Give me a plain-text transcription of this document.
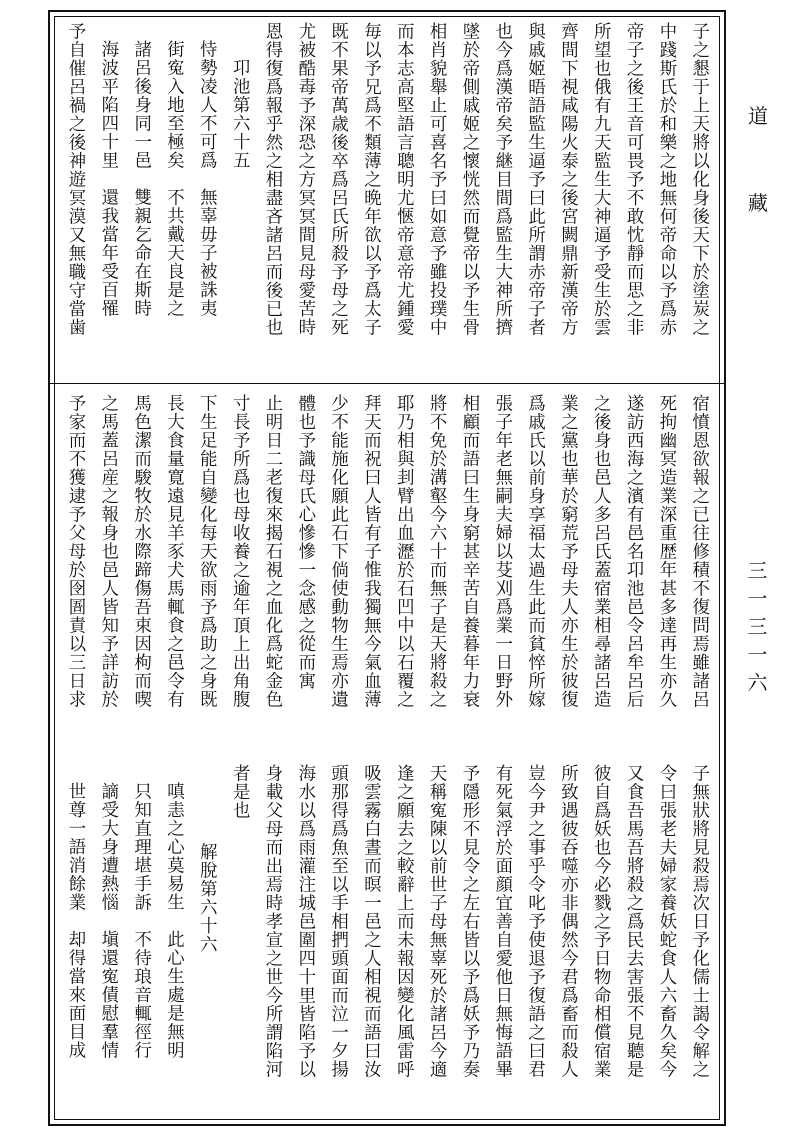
子之懇于上天將以化身後天下於塗炭之
中踐斯氏於和樂之地無何帝命以予爲赤
帝子之後王音可畏予不敢忱靜而思之非
所望也俄有九天監生大神逼予受生於雲
齊間下視咸陽火泰之後宮闕鼎新漢帝方
與戚姬晤語監生逼予曰此所謂赤帝子者
也今爲漢帝矣予継目間爲監生大神所擠
墜於帝側戚姬之懷恍然而覺帝以予生骨
相肖貌舉止可喜名予曰如意予雖投璞中
而本志高堅語言聰明尤愜帝意帝尤鍾愛
毎以予兄爲不類薄之晩年欲以予爲太子
既不果帝萬歳後卒爲呂氏所殺予母之死
尤被酷毒予深恐之方冥冥間見母愛苦時
恩得復爲報乎然之相盡吝諸呂而後已也
　卭池第六十五
恃勢凌人不可爲　無辜毋子被誅夷
街寃入地至極矣　不共戴天良是之
諸呂後身同一邑　雙親乞命在斯時
海波平陷四十里　還我當年受百罹
予自催呂禍之後神遊冥漠又無職守當歯
宿憤恩欲報之已往修積不復問焉雖諸呂
死拘幽冥造業深重歴年甚多達再生亦久
遂訪西海之濱有邑名卭池邑令呂牟呂后
之後身也邑人多呂氏蓋宿業相尋諸呂造
業之黨也華於窮荒予母夫人亦生於彼復
爲戚氏以前身享福太過生此而貧悴所嫁
張子年老無嗣夫婦以芟刈爲業一日野外
相顧而語曰生身窮甚辛苦自養暮年力衰
將不免於溝壑今六十而無子是天將殺之
耶乃相與刲臂出血瀝於石凹中以石覆之
拜天而祝曰人皆有子惟我獨無今氣血薄
少不能施化願此石下倘使動物生焉亦遺
體也予識母氏心慘慘一念感之從而寓
止明日二老復來揭石視之血化爲蛇金色
寸長予所爲也母收養之逾年頂上出角腹
下生足能自變化每天欲雨予爲助之身既
長大食量寛遠見羊豕犬馬輒食之邑令有
馬色潔而駿牧於水際蹄傷吾束因枸而喫
之馬蓋呂産之報身也邑人皆知予詳訪於
予家而不獲逮予父母於囹圄責以三日求
子無狀將見殺焉次日予化儒士謁令解之
令曰張老夫婦家養妖蛇食人六畜久矣今
又食吾馬吾將殺之爲民去害張不見聽是
彼自爲妖也今必戮之予日物命相償宿業
所致遇彼吞噬亦非偶然今君爲畜而殺人
豈今尹之事乎令叱予使退予復語之曰君
有死氣浮於面顔宜善自愛他日無悔語畢
予隱形不見令之左右皆以予爲妖予乃奏
天稱寃陳以前世子母無辜死於諸呂今適
逢之願去之較辭上而未報因變化風雷呼
吸雲霧白晝而暝一邑之人相視而語曰汝
頭那得爲魚至以手相捫頭面而泣一夕揚
海水以爲雨灌注城邑圍四十里皆陷予以
身載父母而出焉時孝宣之世今所謂陷河
者是也
　解脫第六十六
嗔恚之心莫易生　此心生處是無明
只知直理堪手訴　不待琅音輒徑行
謫受大身遭熱惱　塡還寃債慰羣情
世尊一語消餘業　却得當來面目成
道
藏
三一三一六
